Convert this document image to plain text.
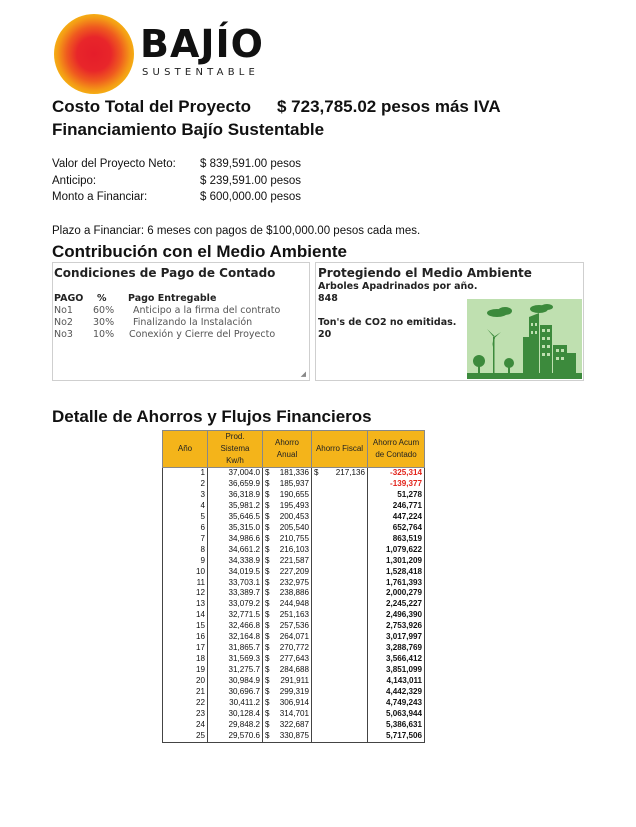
BAJÍO
SUSTENTABLE
Costo Total del Proyecto $ 723,785.02 pesos más IVA
Financiamiento Bajío Sustentable
Valor del Proyecto Neto: $ 839,591.00 pesos
Anticipo:	$ 239,591.00 pesos
Monto a Financiar:	$ 600,000.00 pesos
Plazo a Financiar: 6 meses con pagos de $100,000.00 pesos cada mes.
Contribución con el Medio Ambiente
Condiciones de Pago de Contado
PAGO % Pago Entregable
No1 60% Anticipo a la firma del contrato
No2 30% Finalizando la Instalación
No3 10% Conexión y Cierre del Proyecto
◢
Protegiendo el Medio Ambiente
Arboles Apadrinados por año.
848
Ton's de CO2 no emitidas.
20
Detalle de Ahorros y Flujos Financieros
Año	Prod. Sistema Kw/h	Ahorro Anual	Ahorro Fiscal	Ahorro Acum de Contado

1	37,004.0	$ 181,336	$ 217,136	-325,314
2	36,659.9	$ 185,937		-139,377
3	36,318.9	$ 190,655		51,278
4	35,981.2	$ 195,493		246,771
5	35,646.5	$ 200,453		447,224
6	35,315.0	$ 205,540		652,764
7	34,986.6	$ 210,755		863,519
8	34,661.2	$ 216,103		1,079,622
9	34,338.9	$ 221,587		1,301,209
10	34,019.5	$ 227,209		1,528,418
11	33,703.1	$ 232,975		1,761,393
12	33,389.7	$ 238,886		2,000,279
13	33,079.2	$ 244,948		2,245,227
14	32,771.5	$ 251,163		2,496,390
15	32,466.8	$ 257,536		2,753,926
16	32,164.8	$ 264,071		3,017,997
17	31,865.7	$ 270,772		3,288,769
18	31,569.3	$ 277,643		3,566,412
19	31,275.7	$ 284,688		3,851,099
20	30,984.9	$ 291,911		4,143,011
21	30,696.7	$ 299,319		4,442,329
22	30,411.2	$ 306,914		4,749,243
23	30,128.4	$ 314,701		5,063,944
24	29,848.2	$ 322,687		5,386,631
25	29,570.6	$ 330,875		5,717,506
